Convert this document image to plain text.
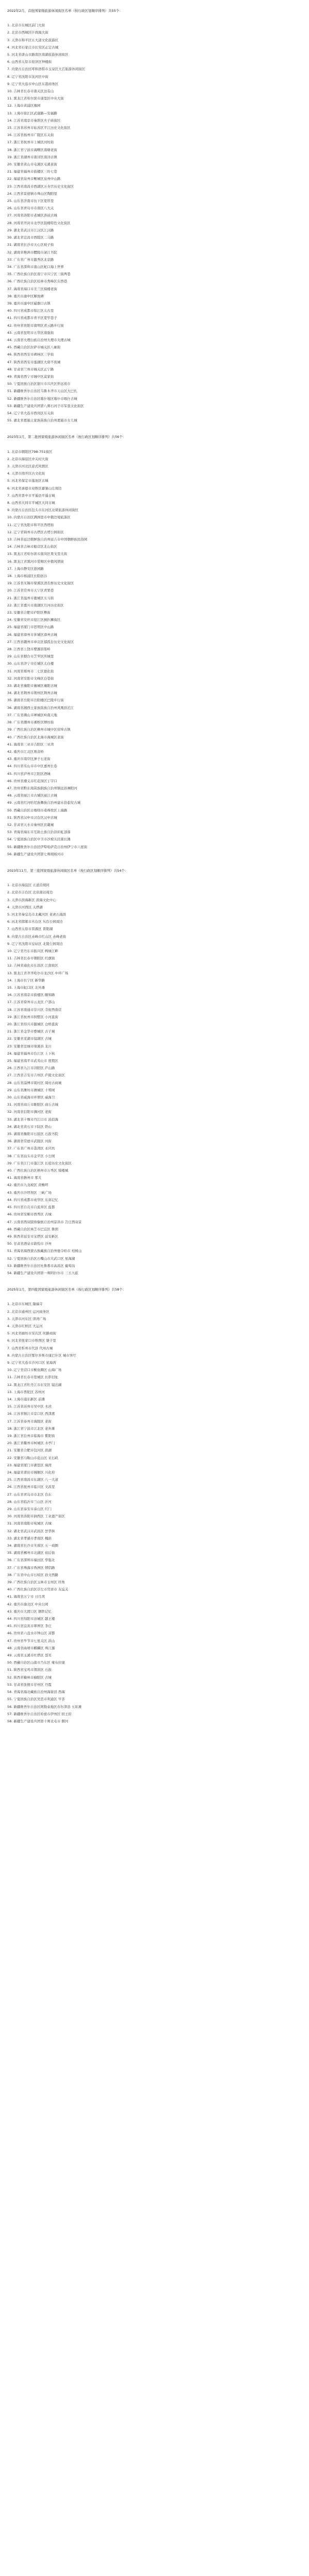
2022年2月，首批国家级旅游休闲街区名单（按行政区划顺序排列）共55个：
1. 北京市东城区前门大街
2. 北京市西城区什刹海大街
3. 天津市和平区五大道文化旅游区
4. 河北省石家庄市长安区正定古城
5. 河北省唐山市路南区南湖旅游休闲街区
6. 山西省太原市迎泽区钟楼街
7. 内蒙古自治区呼和浩特市玉泉区大召旅游休闲街区
8. 辽宁省沈阳市沈河区中街
9. 辽宁省大连市中山区东港商务区
10. 吉林省长春市南关区这有山
11. 黑龙江省哈尔滨市道里区中央大街
12. 上海市黄浦区豫园
13. 上海市徐汇区武康路—安福路
14. 江苏省南京市秦淮区夫子庙街区
15. 江苏省苏州市姑苏区平江历史文化街区
16. 江苏省扬州市广陵区东关街
17. 浙江省杭州市上城区河坊街
18. 浙江省宁波市海曙区南塘老街
19. 浙江省湖州市南浔区南浔古镇
20. 安徽省黄山市屯溪区屯溪老街
21. 福建省福州市鼓楼区三坊七巷
22. 福建省泉州市鲤城区泉州中山路
23. 江西省南昌市西湖区万寿宫历史文化街区
24. 江西省景德镇市珠山区陶阳里
25. 山东省济南市历下区宽厚里
26. 山东省青岛市市南区八大关
27. 河南省洛阳市老城区洛邑古城
28. 河南省开封市龙亭区鼓楼特色文化街区
29. 湖北省武汉市江汉区江汉路
30. 湖北省宜昌市西陵区二马路
31. 湖南省长沙市天心区坡子街
32. 湖南省株洲市醴陵市渌江书院
33. 广东省广州市越秀区北京路
34. 广东省深圳市南山区蛇口海上世界
35. 广西壮族自治区南宁市兴宁区三街两巷
36. 广西壮族自治区桂林市秀峰区东西巷
37. 海南省海口市美兰区骑楼老街
38. 重庆市渝中区解放碑
39. 重庆市渝中区磁器口古镇
40. 四川省成都市锦江区太古里
41. 四川省成都市青羊区宽窄巷子
42. 贵州省贵阳市南明区青云路步行街
43. 云南省昆明市五华区南强街
44. 云南省大理白族自治州大理市大理古城
45. 西藏自治区拉萨市城关区八廓街
46. 陕西省西安市碑林区三学街
47. 陕西省西安市莲湖区大唐不夜城
48. 甘肃省兰州市城关区正宁路
49. 青海省西宁市城中区莫家街
50. 宁夏回族自治区银川市兴庆区怀远夜市
51. 新疆维吾尔自治区乌鲁木齐市天山区大巴扎
52. 新疆维吾尔自治区喀什地区喀什市喀什古城
53. 新疆生产建设兵团第八师石河子市军垦文化街区
54. 辽宁省大连市西岗区东关街
55. 湖北省恩施土家族苗族自治州恩施市女儿城
2023年1月，第二批国家级旅游休闲街区名单（按行政区划顺序排列）共56个：
1. 北京市朝阳区798-751街区
2. 北京市海淀区中关村大街
3. 天津市河北区意式风情区
4. 天津市南开区古文化街
5. 河北省保定市莲池区古城
6. 河北省承德市双桥区避暑山庄周边
7. 山西省晋中市平遥县平遥古城
8. 山西省大同市平城区大同古城
9. 内蒙古自治区包头市东河区北梁旅游休闲街区
10. 内蒙古自治区满洲里市中俄边境旅游区
11. 辽宁省沈阳市和平区西塔街
12. 辽宁省锦州市古塔区古塔公园街区
13. 吉林省延边朝鲜族自治州延吉市中国朝鲜族民俗园
14. 吉林省吉林市船营区北山街区
15. 黑龙江省哈尔滨市南岗区果戈里大街
16. 黑龙江省黑河市爱辉区中俄风情街
17. 上海市静安区愚园路
18. 上海市杨浦区长阳创谷
19. 江苏省无锡市梁溪区清名桥历史文化街区
20. 江苏省常州市天宁区青果巷
21. 浙江省温州市鹿城区五马街
22. 浙江省嘉兴市南湖区月河历史街区
23. 安徽省合肥市庐阳区罍街
24. 安徽省安庆市迎江区倒扒狮街区
25. 福建省厦门市思明区中山路
26. 福建省漳州市芗城区漳州古城
27. 江西省赣州市章贡区郁孤台历史文化街区
28. 江西省上饶市婺源县篁岭
29. 山东省烟台市芝罘区所城里
30. 山东省济宁市任城区太白楼
31. 河南省郑州市二七区德化街
32. 河南省安阳市文峰区仓巷街
33. 湖北省襄阳市襄城区襄阳古城
34. 湖北省荆州市荆州区荆州古城
35. 湖南省岳阳市岳阳楼区巴陵步行街
36. 湖南省湘西土家族苗族自治州凤凰县沱江
37. 广东省佛山市禅城区岭南天地
38. 广东省潮州市湘桥区牌坊街
39. 广西壮族自治区柳州市城中区窑埠古镇
40. 广西壮族自治区北海市海城区老街
41. 海南省三亚市吉阳区三亚湾
42. 重庆市江北区观音桥
43. 重庆市南岸区弹子石老街
44. 四川省乐山市市中区嘉州长卷
45. 四川省泸州市江阳区酒城
46. 贵州省遵义市红花岗区丁字口
47. 贵州省黔东南苗族侗族自治州镇远县舞阳河
48. 云南省丽江市古城区丽江古城
49. 云南省红河哈尼族彝族自治州建水县临安古城
50. 西藏自治区日喀则市桑珠孜区上海路
51. 陕西省汉中市汉台区汉中古城
52. 甘肃省天水市秦州区伏羲城
53. 青海省海东市互助土族自治县彩虹部落
54. 宁夏回族自治区中卫市沙坡头区南长滩
55. 新疆维吾尔自治区伊犁哈萨克自治州伊宁市六星街
56. 新疆生产建设兵团第七师胡杨河市
2023年11月，第三批国家级旅游休闲街区名单（按行政区划顺序排列）共54个：
1. 北京市海淀区 五道营胡同
2. 北京市丰台区 北京南站周边
3. 天津市滨海新区 滨海文化中心
4. 天津市河西区 天塔湖
5. 河北省秦皇岛市北戴河区 老虎石海滨
6. 河北省邯郸市丛台区 丛台公园周边
7. 山西省太原市晋源区 晋阳湖
8. 内蒙古自治区赤峰市红山区 赤峰老街
9. 辽宁省沈阳市皇姑区 北陵公园周边
10. 辽宁省丹东市振兴区 鸭绿江畔
11. 吉林省长春市朝阳区 红旗街
12. 吉林省通化市东昌区 江南街区
13. 黑龙江省齐齐哈尔市龙沙区 中环广场
14. 上海市长宁区 新华路
15. 上海市虹口区 北外滩
16. 江苏省南京市鼓楼区 颐和路
17. 江苏省徐州市云龙区 户部山
18. 江苏省南通市崇川区 寺街西南营
19. 浙江省杭州市拱墅区 小河直街
20. 浙江省绍兴市越城区 仓桥直街
21. 浙江省金华市婺城区 古子城
22. 安徽省芜湖市镜湖区 古城
23. 安徽省宣城市绩溪县 龙川
24. 福建省福州市台江区 上下杭
25. 福建省南平市武夷山市 度假区
26. 江西省九江市浔阳区 庐山路
27. 江西省吉安市吉州区 庐陵文化街区
28. 山东省淄博市周村区 周村古商城
29. 山东省潍坊市潍城区 十笏园
30. 山东省威海市环翠区 威海卫
31. 河南省商丘市睢阳区 商丘古城
32. 河南省信阳市浉河区 老街
33. 湖北省十堰市丹江口市 沧浪海
34. 湖北省黄石市下陆区 铁山
35. 湖南省衡阳市石鼓区 石鼓书院
36. 湖南省常德市武陵区 河街
37. 广东省广州市荔湾区 永庆坊
38. 广东省汕头市金平区 小公园
39. 广东省江门市蓬江区 长堤历史文化街区
40. 广西壮族自治区梧州市万秀区 骑楼城
41. 海南省儋州市 那大
42. 重庆市九龙坡区 黄桷坪
43. 重庆市沙坪坝区 三峡广场
44. 四川省成都市成华区 东郊记忆
45. 四川省自贡市自流井区 盐都
46. 贵州省安顺市西秀区 古城
47. 云南省西双版纳傣族自治州景洪市 告庄西双景
48. 西藏自治区林芝市巴宜区 鲁朗
49. 陕西省延安市宝塔区 延安新区
50. 甘肃省酒泉市敦煌市 沙州
51. 青海省海西蒙古族藏族自治州德令哈市 柏树山
52. 宁夏回族自治区石嘴山市大武口区 星海湖
53. 新疆维吾尔自治区吐鲁番市高昌区 葡萄沟
54. 新疆生产建设兵团第一师阿拉尔市 三五九旅
2025年1月，第四批国家级旅游休闲街区名单（按行政区划顺序排列）共58个：
1. 北京市东城区 隆福寺
2. 北京市通州区 运河商务区
3. 天津市河东区 津湾广场
4. 天津市红桥区 大运河
5. 河北省廊坊市安次区 丝路商街
6. 河北省张家口市桥西区 堡子里
7. 山西省忻州市代县 代州古城
8. 内蒙古自治区鄂尔多斯市康巴什区 城市客厅
9. 辽宁省大连市沙河口区 星海湾
10. 辽宁省营口市鲅鱼圈区 山海广场
11. 吉林省长春市宽城区 长影旧址
12. 黑龙江省牡丹江市东安区 镜泊湖
13. 上海市普陀区 苏州河
14. 上海市浦东新区 前滩
15. 江苏省苏州市吴中区 木渎
16. 江苏省镇江市京口区 西津渡
17. 江苏省泰州市海陵区 老街
18. 浙江省宁波市江北区 老外滩
19. 浙江省台州市临海市 紫阳街
20. 浙江省衢州市柯城区 水亭门
21. 安徽省合肥市包河区 滨湖
22. 安徽省马鞍山市花山区 采石矶
23. 福建省厦门市湖里区 海湾
24. 福建省莆田市城厢区 兴化府
25. 江西省南昌市东湖区 八一大道
26. 江西省抚州市临川区 文昌里
27. 山东省青岛市市北区 台东
28. 山东省临沂市兰山区 沂河
29. 山东省泰安市泰山区 红门
30. 河南省洛阳市涧西区 工业遗产街区
31. 河南省南阳市宛城区 古城
32. 湖北省武汉市武昌区 昙华林
33. 湖北省孝感市孝南区 槐荫
34. 湖南省长沙市芙蓉区 五一商圈
35. 湖南省郴州市北湖区 裕后街
36. 广东省深圳市福田区 华强北
37. 广东省珠海市香洲区 情侣路
38. 广东省中山市石岐区 孙文西路
39. 广西壮族自治区玉林市玉州区 旺角
40. 广西壮族自治区崇左市凭祥市 友谊关
41. 海南省万宁市 日月湾
42. 重庆市渝北区 中央公园
43. 重庆市大渡口区 钢铁记忆
44. 四川省绵阳市涪城区 越王楼
45. 四川省宜宾市翠屏区 李庄
46. 贵州省六盘水市钟山区 凉都
47. 贵州省毕节市七星关区 洪山
48. 云南省曲靖市麒麟区 珠江源
49. 云南省玉溪市红塔区 聂耳
50. 西藏自治区山南市乃东区 雍布拉康
51. 陕西省宝鸡市渭滨区 石鼓
52. 陕西省榆林市榆阳区 古城
53. 甘肃省张掖市甘州区 丹霞
54. 青海省海北藏族自治州海晏县 西海
55. 宁夏回族自治区吴忠市利通区 早茶
56. 新疆维吾尔自治区阿勒泰地区布尔津县 五彩滩
57. 新疆维吾尔自治区哈密市伊州区 回王府
58. 新疆生产建设兵团第十师北屯市 额河
